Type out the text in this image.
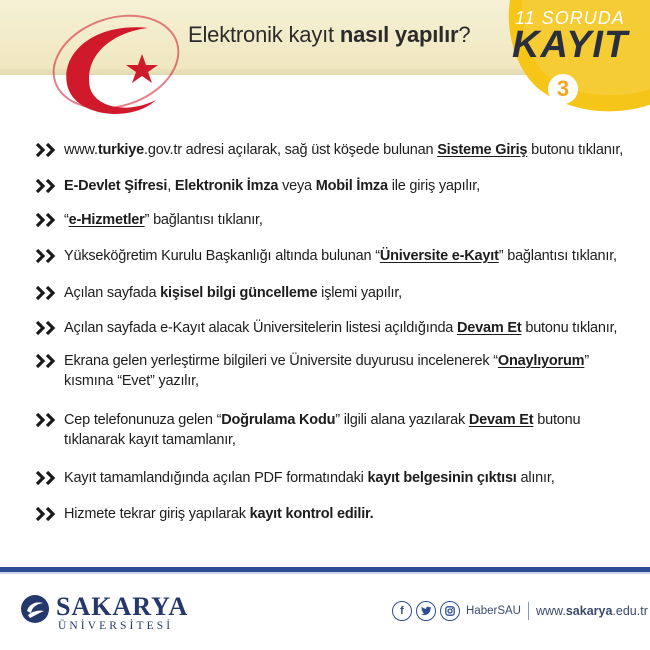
Elektronik kayıt nasıl yapılır?
11 SORUDA
KAYIT
3
www.turkiye.gov.tr adresi açılarak, sağ üst köşede bulunan Sisteme Giriş butonu tıklanır,
E-Devlet Şifresi, Elektronik İmza veya Mobil İmza ile giriş yapılır,
“e-Hizmetler” bağlantısı tıklanır,
Yükseköğretim Kurulu Başkanlığı altında bulunan “Üniversite e-Kayıt” bağlantısı tıklanır,
Açılan sayfada kişisel bilgi güncelleme işlemi yapılır,
Açılan sayfada e-Kayıt alacak Üniversitelerin listesi açıldığında Devam Et butonu tıklanır,
Ekrana gelen yerleştirme bilgileri ve Üniversite duyurusu incelenerek “Onaylıyorum” kısmına “Evet” yazılır,
Cep telefonunuza gelen “Doğrulama Kodu” ilgili alana yazılarak Devam Et butonu tıklanarak kayıt tamamlanır,
Kayıt tamamlandığında açılan PDF formatındaki kayıt belgesinin çıktısı alınır,
Hizmete tekrar giriş yapılarak kayıt kontrol edilir.
SAKARYA
ÜNİVERSİTESİ
f	HaberSAU www.sakarya.edu.tr
